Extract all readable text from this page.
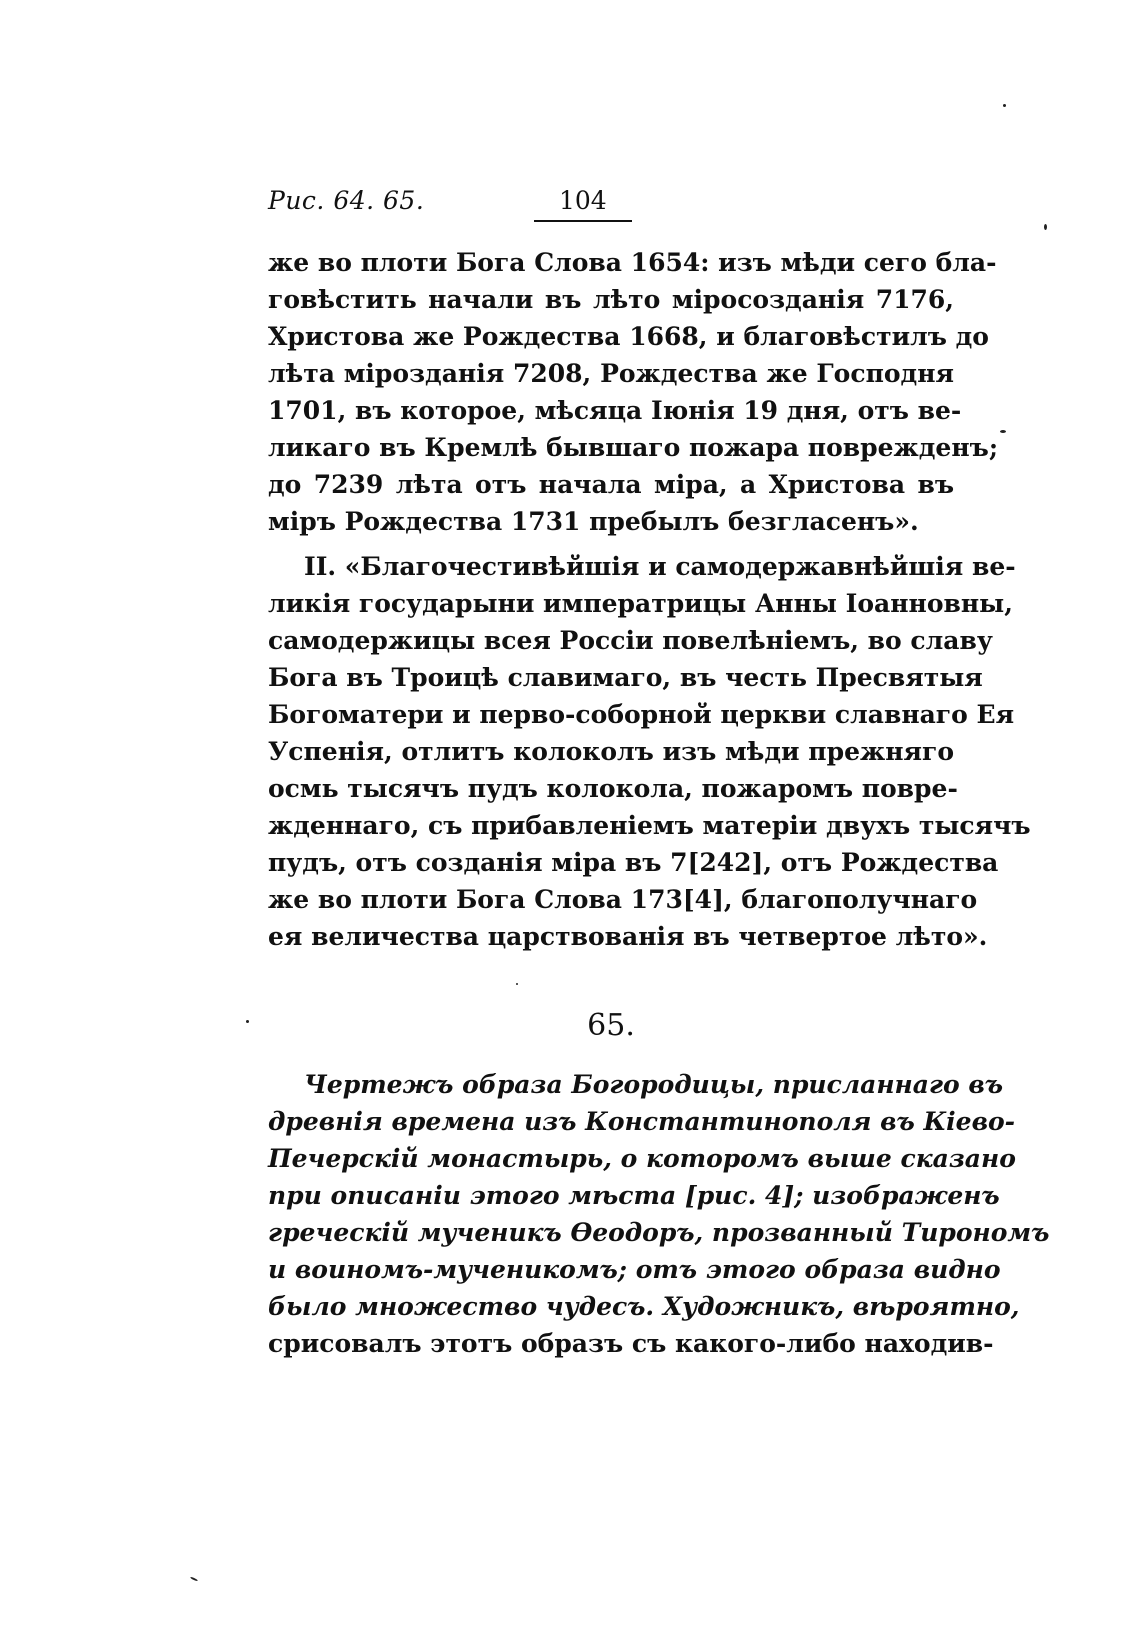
Рис. 64. 65.	104
же во плоти Бога Слова 1654: изъ мѣди сего бла-
говѣстить начали въ лѣто міросозданія 7176,
Христова же Рождества 1668, и благовѣстилъ до
лѣта мірозданія 7208, Рождества же Господня
1701, въ которое, мѣсяца Іюнія 19 дня, отъ ве-
ликаго въ Кремлѣ бывшаго пожара поврежденъ;
до 7239 лѣта отъ начала міра, а Христова въ
міръ Рождества 1731 пребылъ безгласенъ».
II. «Благочестивѣйшія и самодержавнѣйшія ве-
ликія государыни императрицы Анны Іоанновны,
самодержицы всея Россіи повелѣніемъ, во славу
Бога въ Троицѣ славимаго, въ честь Пресвятыя
Богоматери и перво-соборной церкви славнаго Ея
Успенія, отлитъ колоколъ изъ мѣди прежняго
осмь тысячъ пудъ колокола, пожаромъ повре-
жденнаго, съ прибавленіемъ матеріи двухъ тысячъ
пудъ, отъ созданія міра въ 7[242], отъ Рождества
же во плоти Бога Слова 173[4], благополучнаго
ея величества царствованія въ четвертое лѣто».
65.
Чертежъ образа Богородицы, присланнаго въ
древнія времена изъ Константинополя въ Кіево-
Печерскій монастырь, о которомъ выше сказано
при описаніи этого мѣста [рис. 4]; изображенъ
греческій мученикъ Ѳеодоръ, прозванный Тирономъ
и воиномъ-мученикомъ; отъ этого образа видно
было множество чудесъ. Художникъ, вѣроятно,
срисовалъ этотъ образъ съ какого-либо находив-
